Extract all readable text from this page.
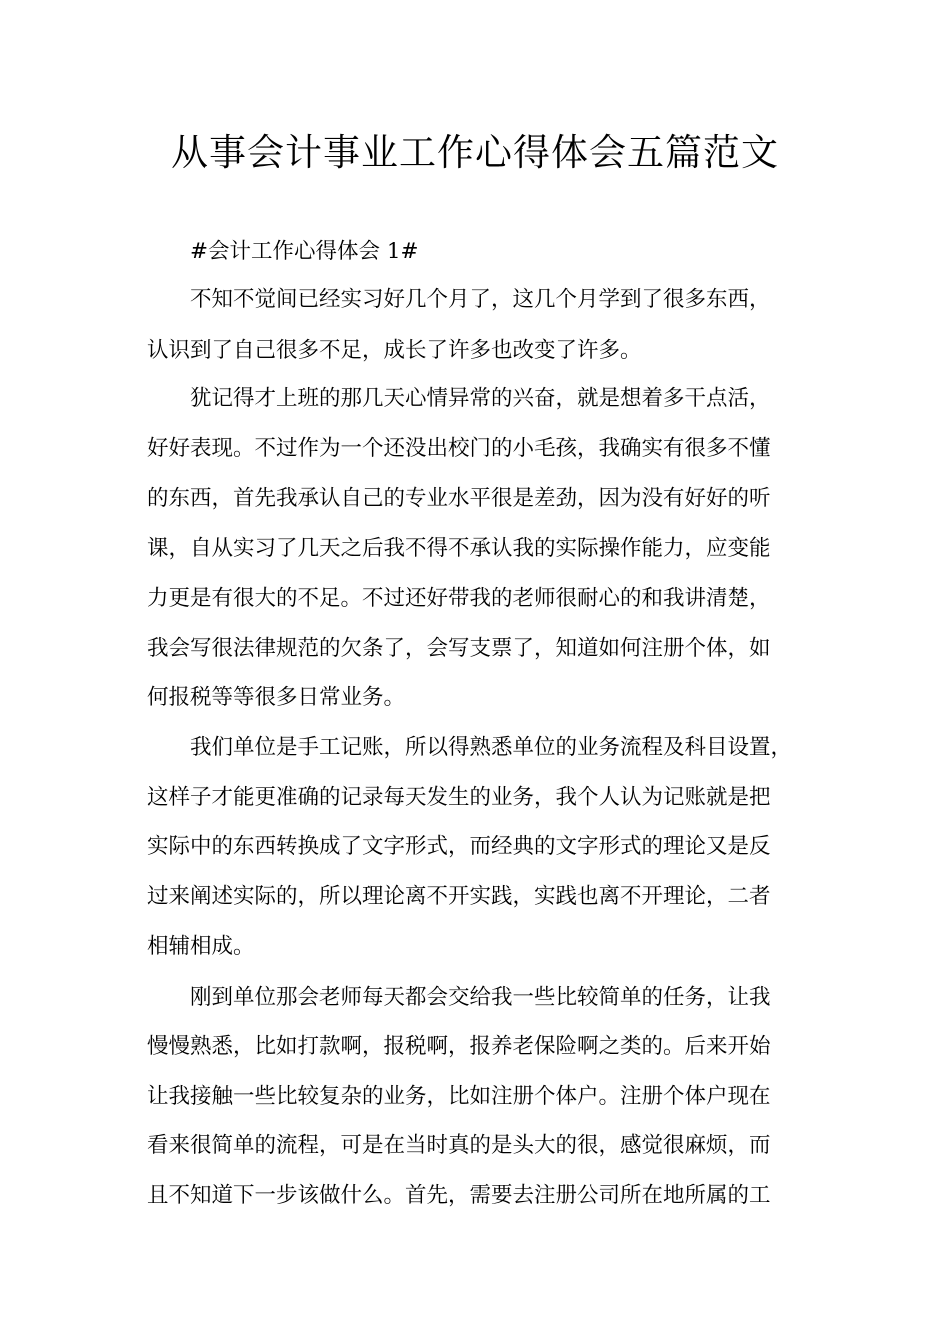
从事会计事业工作心得体会五篇范文
#会计工作心得体会 1#
不知不觉间已经实习好几个月了，这几个月学到了很多东西，
认识到了自己很多不足，成长了许多也改变了许多。
犹记得才上班的那几天心情异常的兴奋，就是想着多干点活，
好好表现。不过作为一个还没出校门的小毛孩，我确实有很多不懂
的东西，首先我承认自己的专业水平很是差劲，因为没有好好的听
课，自从实习了几天之后我不得不承认我的实际操作能力，应变能
力更是有很大的不足。不过还好带我的老师很耐心的和我讲清楚，
我会写很法律规范的欠条了，会写支票了，知道如何注册个体，如
何报税等等很多日常业务。
我们单位是手工记账，所以得熟悉单位的业务流程及科目设置，
这样子才能更准确的记录每天发生的业务，我个人认为记账就是把
实际中的东西转换成了文字形式，而经典的文字形式的理论又是反
过来阐述实际的，所以理论离不开实践，实践也离不开理论，二者
相辅相成。
刚到单位那会老师每天都会交给我一些比较简单的任务，让我
慢慢熟悉，比如打款啊，报税啊，报养老保险啊之类的。后来开始
让我接触一些比较复杂的业务，比如注册个体户。注册个体户现在
看来很简单的流程，可是在当时真的是头大的很，感觉很麻烦，而
且不知道下一步该做什么。首先，需要去注册公司所在地所属的工
